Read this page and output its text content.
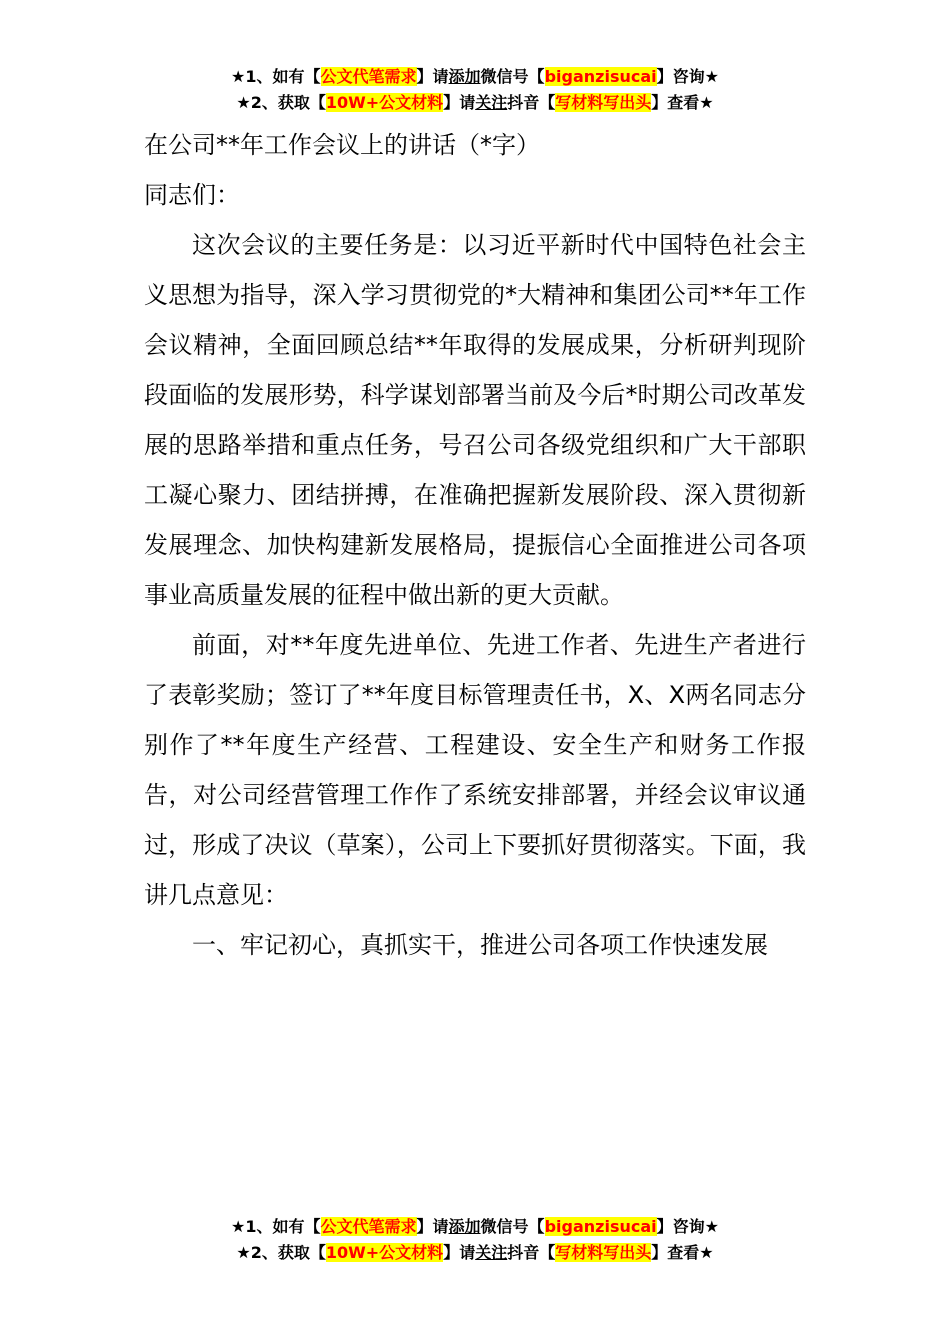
★1、如有【公文代笔需求】请添加微信号【biganzisucai】咨询★
★2、获取【10W+公文材料】请关注抖音【写材料写出头】查看★
在公司**年工作会议上的讲话（*字）
同志们：

这次会议的主要任务是：以习近平新时代中国特色社会主义思想为指导，深入学习贯彻党的*大精神和集团公司**年工作会议精神，全面回顾总结**年取得的发展成果，分析研判现阶段面临的发展形势，科学谋划部署当前及今后*时期公司改革发展的思路举措和重点任务，号召公司各级党组织和广大干部职工凝心聚力、团结拼搏，在准确把握新发展阶段、深入贯彻新发展理念、加快构建新发展格局，提振信心全面推进公司各项事业高质量发展的征程中做出新的更大贡献。

前面，对**年度先进单位、先进工作者、先进生产者进行了表彰奖励；签订了**年度目标管理责任书，X、X两名同志分别作了**年度生产经营、工程建设、安全生产和财务工作报告，对公司经营管理工作作了系统安排部署，并经会议审议通过，形成了决议（草案），公司上下要抓好贯彻落实。下面，我讲几点意见：

一、牢记初心，真抓实干，推进公司各项工作快速发展

★1、如有【公文代笔需求】请添加微信号【biganzisucai】咨询★
★2、获取【10W+公文材料】请关注抖音【写材料写出头】查看★
